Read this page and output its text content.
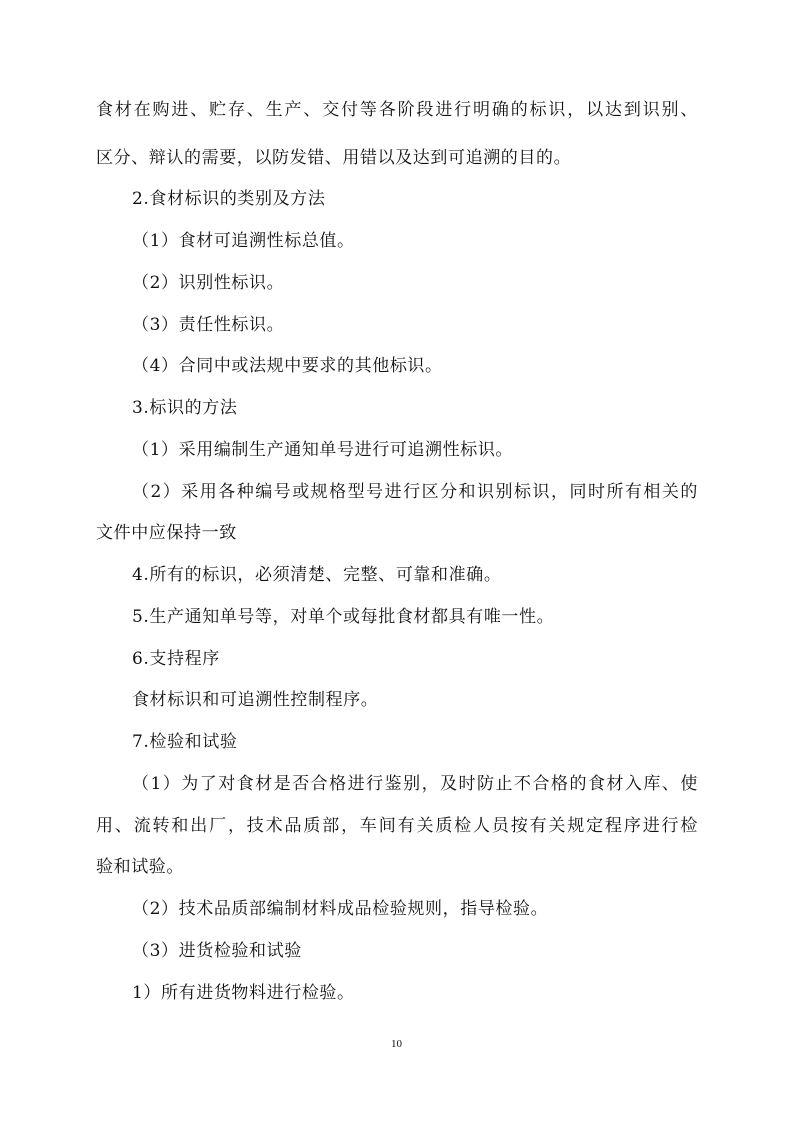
食材在购进、贮存、生产、交付等各阶段进行明确的标识，以达到识别、

区分、辩认的需要，以防发错、用错以及达到可追溯的目的。

2.食材标识的类别及方法

（1）食材可追溯性标总值。

（2）识别性标识。

（3）责任性标识。

（4）合同中或法规中要求的其他标识。

3.标识的方法

（1）采用编制生产通知单号进行可追溯性标识。

（2）采用各种编号或规格型号进行区分和识别标识，同时所有相关的

文件中应保持一致

4.所有的标识，必须清楚、完整、可靠和准确。

5.生产通知单号等，对单个或每批食材都具有唯一性。

6.支持程序

食材标识和可追溯性控制程序。

7.检验和试验

（1）为了对食材是否合格进行鉴别，及时防止不合格的食材入库、使

用、流转和出厂，技术品质部，车间有关质检人员按有关规定程序进行检

验和试验。

（2）技术品质部编制材料成品检验规则，指导检验。

（3）进货检验和试验

1）所有进货物料进行检验。

10
